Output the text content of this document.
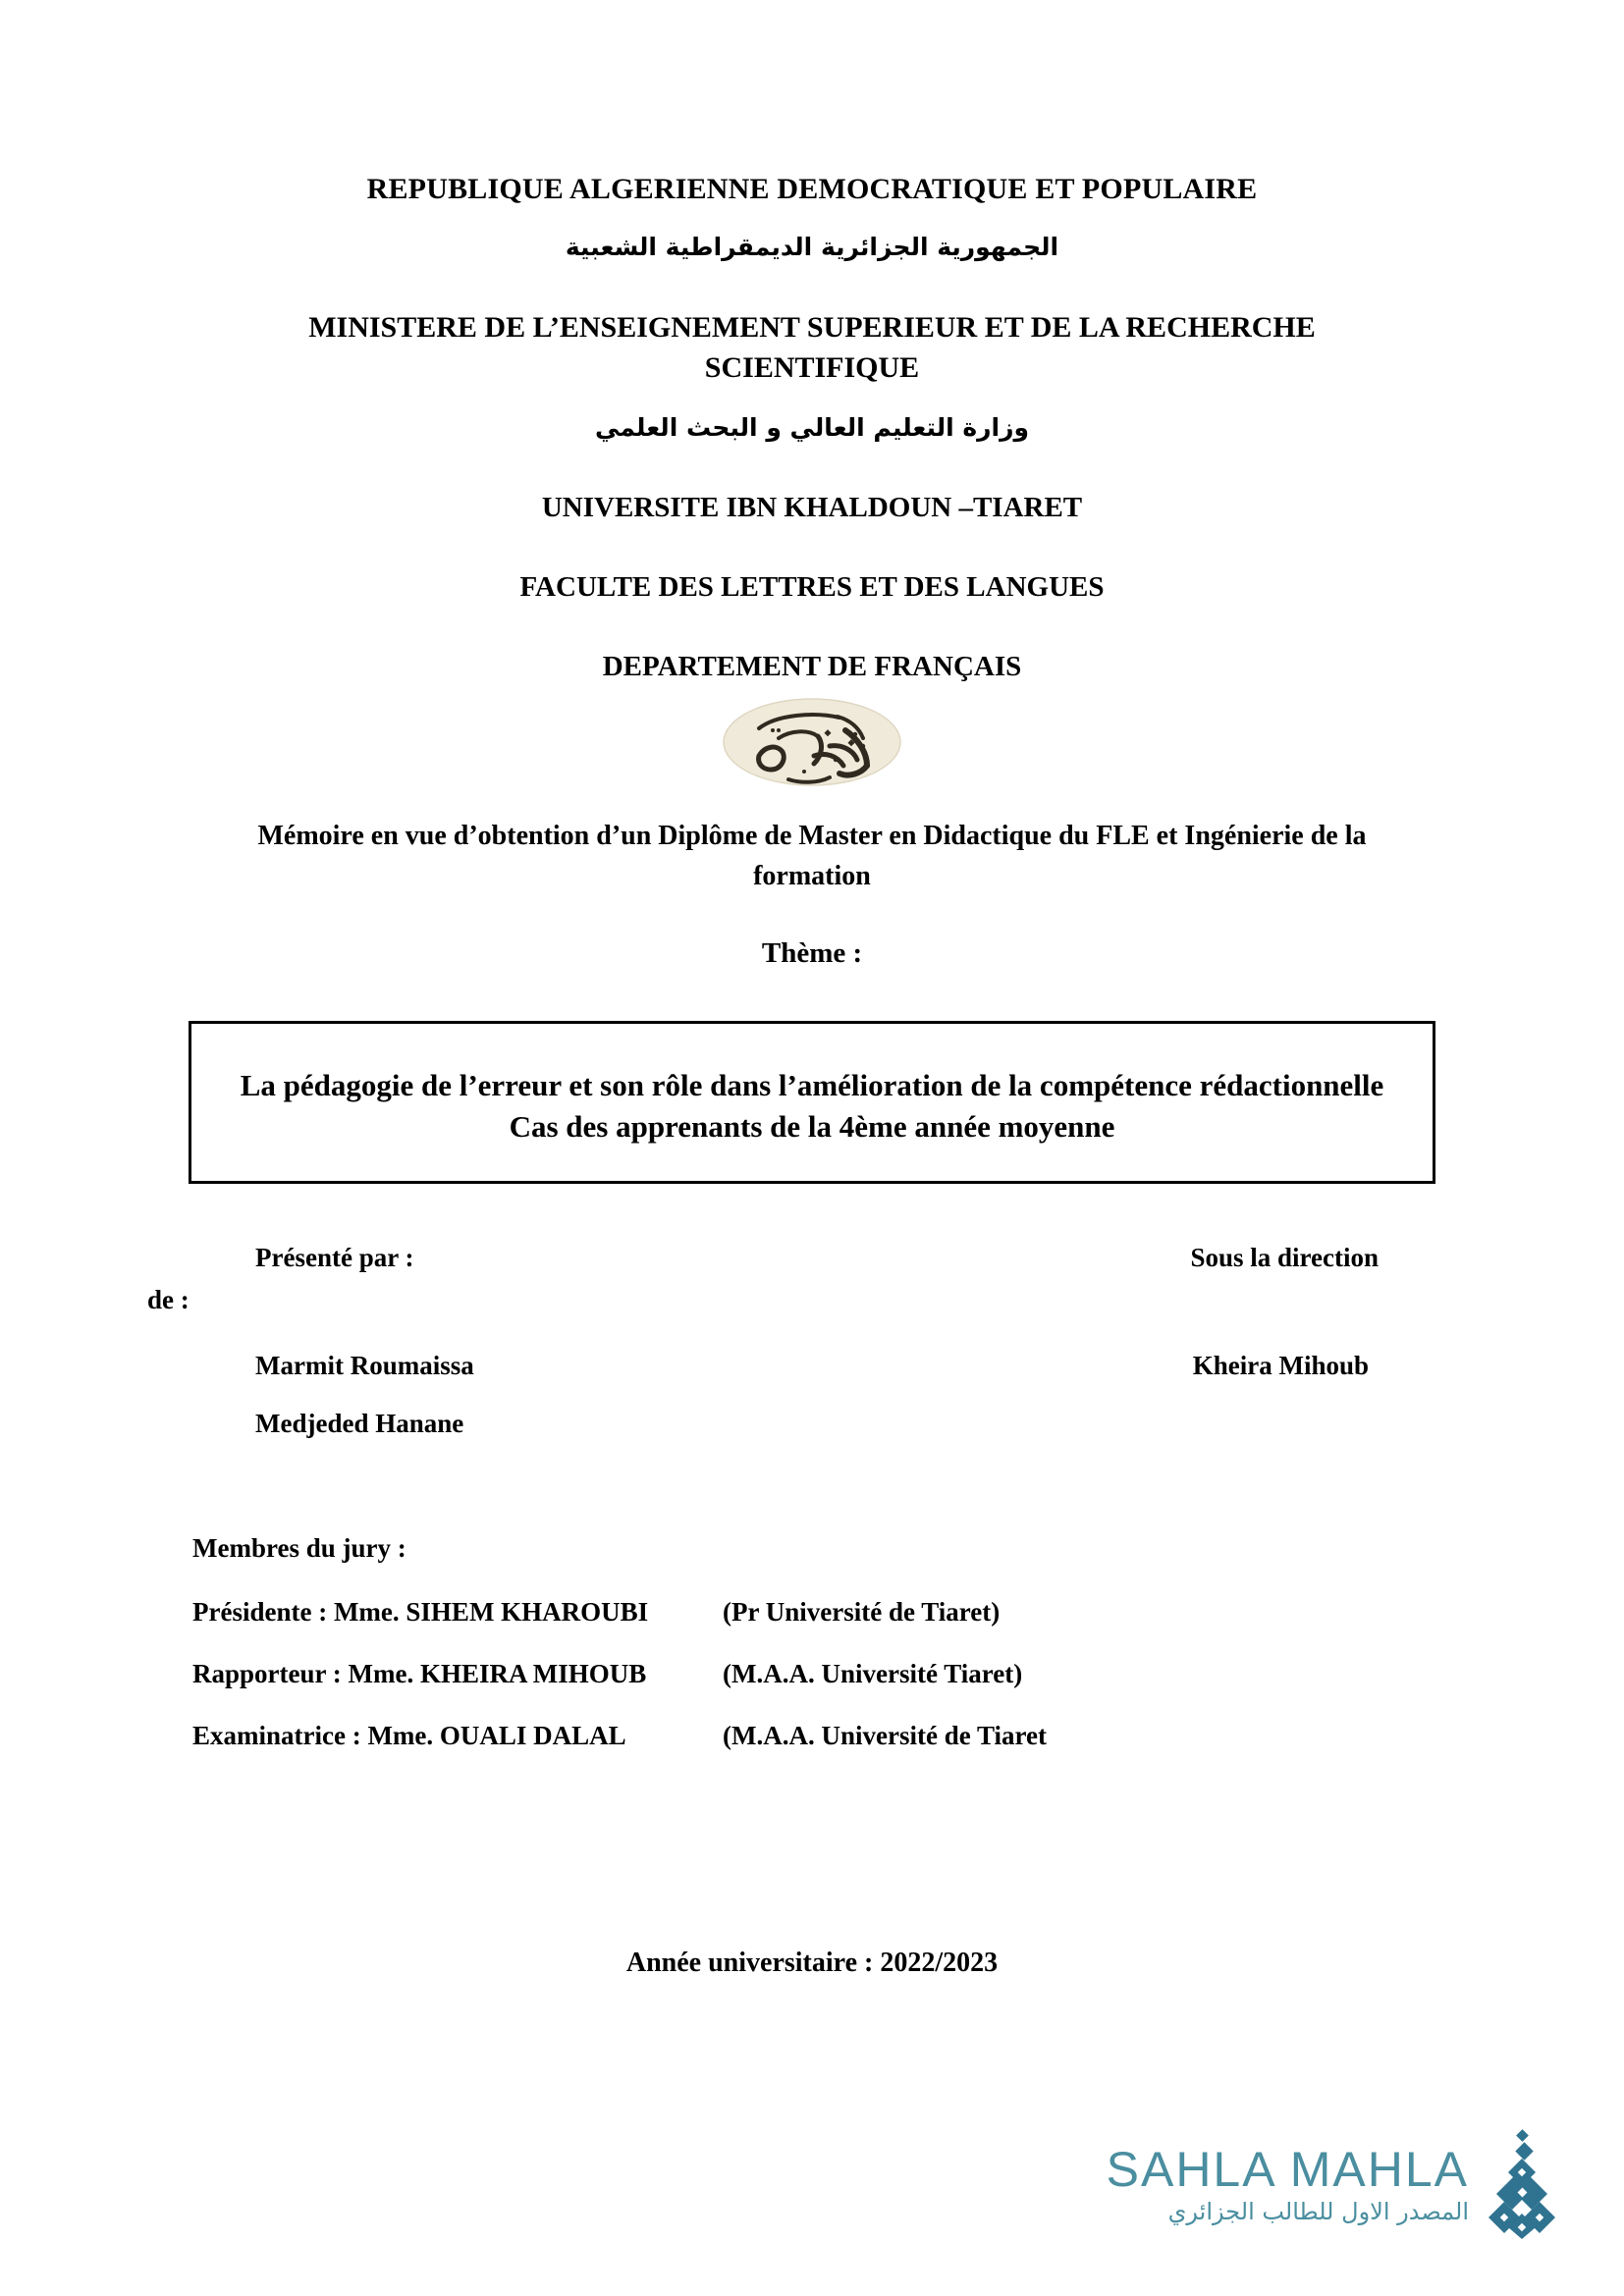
REPUBLIQUE ALGERIENNE DEMOCRATIQUE ET POPULAIRE
الجمهورية الجزائرية الديمقراطية الشعبية
MINISTERE DE L’ENSEIGNEMENT SUPERIEUR ET DE LA RECHERCHE SCIENTIFIQUE
وزارة التعليم العالي و البحث العلمي
UNIVERSITE IBN KHALDOUN –TIARET
FACULTE DES LETTRES ET DES LANGUES
DEPARTEMENT DE FRANÇAIS
Mémoire en vue d’obtention d’un Diplôme de Master en Didactique du FLE et Ingénierie de la formation
Thème :
La pédagogie de l’erreur et son rôle dans l’amélioration de la compétence rédactionnelle
Cas des apprenants de la 4ème année moyenne
Présenté par :	Sous la direction
de :
Marmit Roumaissa	Kheira Mihoub
Medjeded Hanane
Membres du jury :
Présidente : Mme. SIHEM KHAROUBI	(Pr Université de Tiaret)
Rapporteur : Mme. KHEIRA MIHOUB	(M.A.A. Université Tiaret)
Examinatrice : Mme. OUALI DALAL	(M.A.A. Université de Tiaret
Année universitaire : 2022/2023
SAHLA MAHLA
المصدر الاول للطالب الجزائري
